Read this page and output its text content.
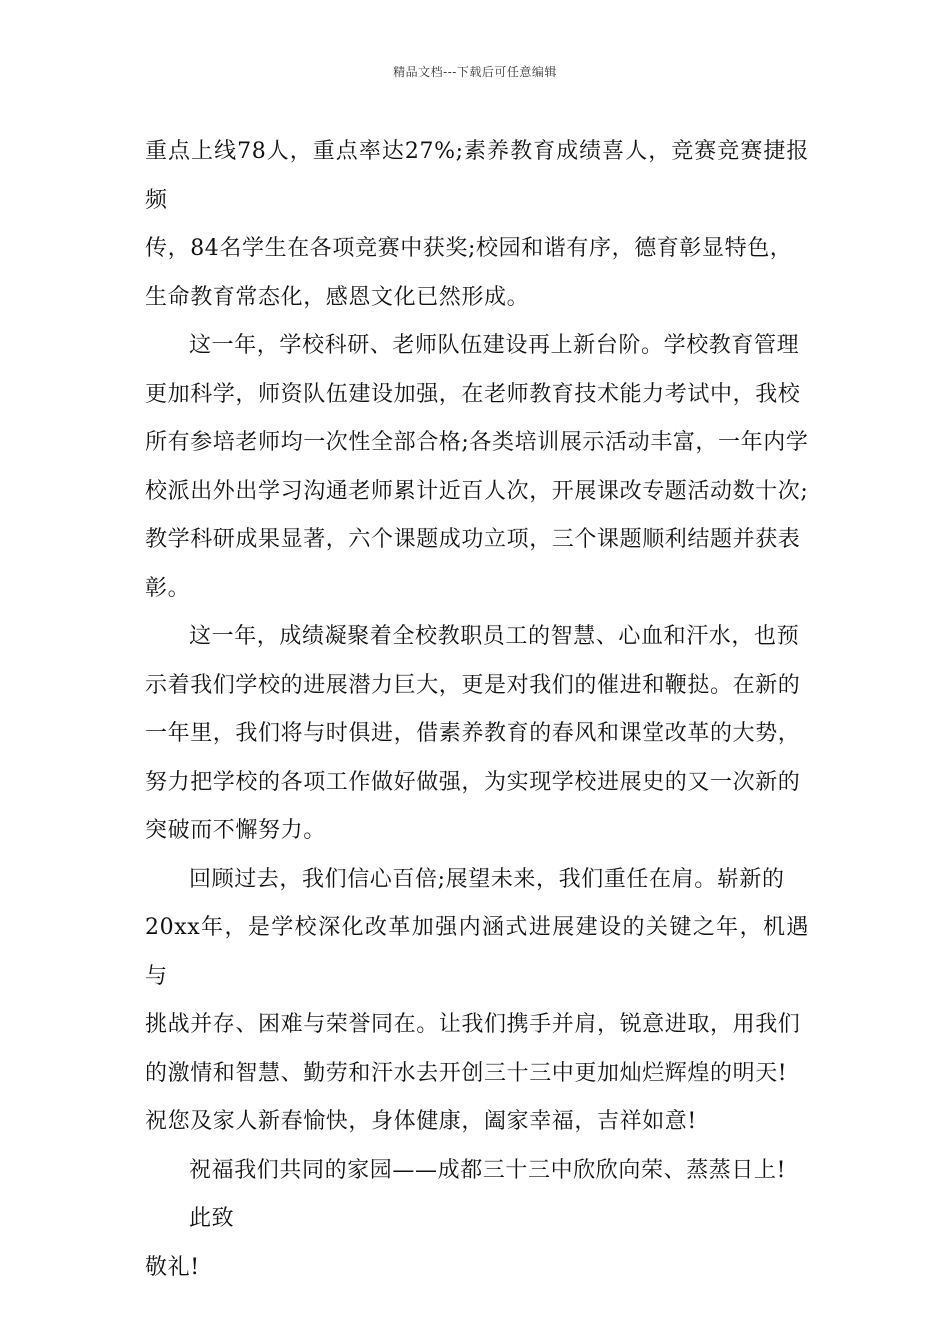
精品文档---下载后可任意编辑
重点上线78人，重点率达27%;素养教育成绩喜人，竞赛竞赛捷报频
传，84名学生在各项竞赛中获奖;校园和谐有序，德育彰显特色，
生命教育常态化，感恩文化已然形成。
这一年，学校科研、老师队伍建设再上新台阶。学校教育管理
更加科学，师资队伍建设加强，在老师教育技术能力考试中，我校
所有参培老师均一次性全部合格;各类培训展示活动丰富，一年内学
校派出外出学习沟通老师累计近百人次，开展课改专题活动数十次;
教学科研成果显著，六个课题成功立项，三个课题顺利结题并获表
彰。
这一年，成绩凝聚着全校教职员工的智慧、心血和汗水，也预
示着我们学校的进展潜力巨大，更是对我们的催进和鞭挞。在新的
一年里，我们将与时俱进，借素养教育的春风和课堂改革的大势，
努力把学校的各项工作做好做强，为实现学校进展史的又一次新的
突破而不懈努力。
回顾过去，我们信心百倍;展望未来，我们重任在肩。崭新的
20xx年，是学校深化改革加强内涵式进展建设的关键之年，机遇与
挑战并存、困难与荣誉同在。让我们携手并肩，锐意进取，用我们
的激情和智慧、勤劳和汗水去开创三十三中更加灿烂辉煌的明天!
祝您及家人新春愉快，身体健康，阖家幸福，吉祥如意!
祝福我们共同的家园——成都三十三中欣欣向荣、蒸蒸日上!
此致
敬礼!
